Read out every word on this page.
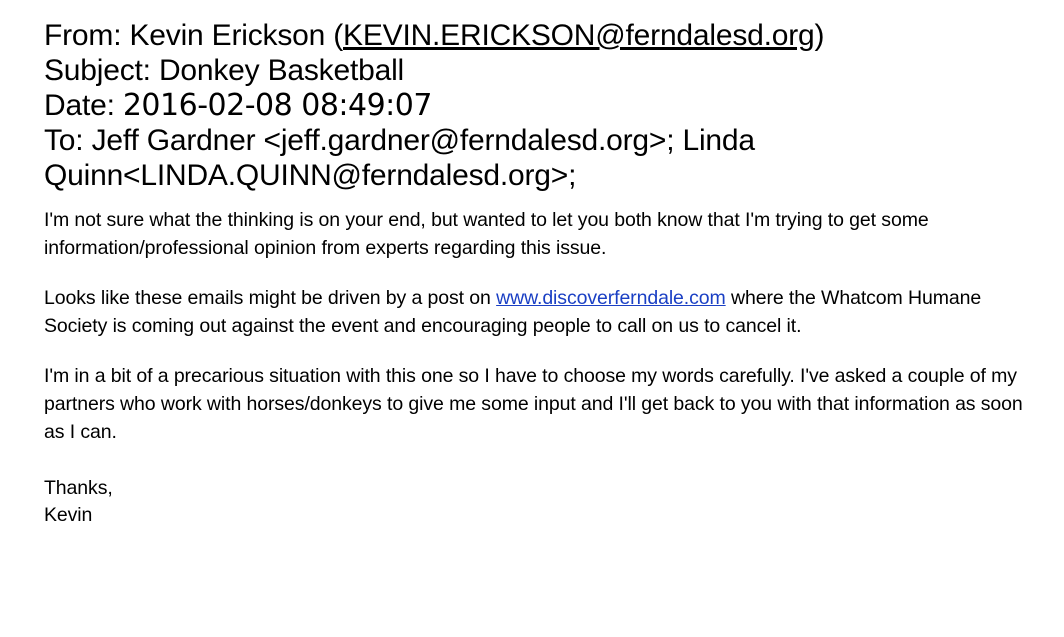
From: Kevin Erickson (KEVIN.ERICKSON@ferndalesd.org)
Subject: Donkey Basketball
Date: 2016-02-08 08:49:07
To: Jeff Gardner <jeff.gardner@ferndalesd.org>; Linda Quinn<LINDA.QUINN@ferndalesd.org>;

I'm not sure what the thinking is on your end, but wanted to let you both know that I'm trying to get some information/professional opinion from experts regarding this issue.

Looks like these emails might be driven by a post on www.discoverferndale.com where the Whatcom Humane Society is coming out against the event and encouraging people to call on us to cancel it.

I'm in a bit of a precarious situation with this one so I have to choose my words carefully. I've asked a couple of my partners who work with horses/donkeys to give me some input and I'll get back to you with that information as soon as I can.

Thanks,

Kevin
